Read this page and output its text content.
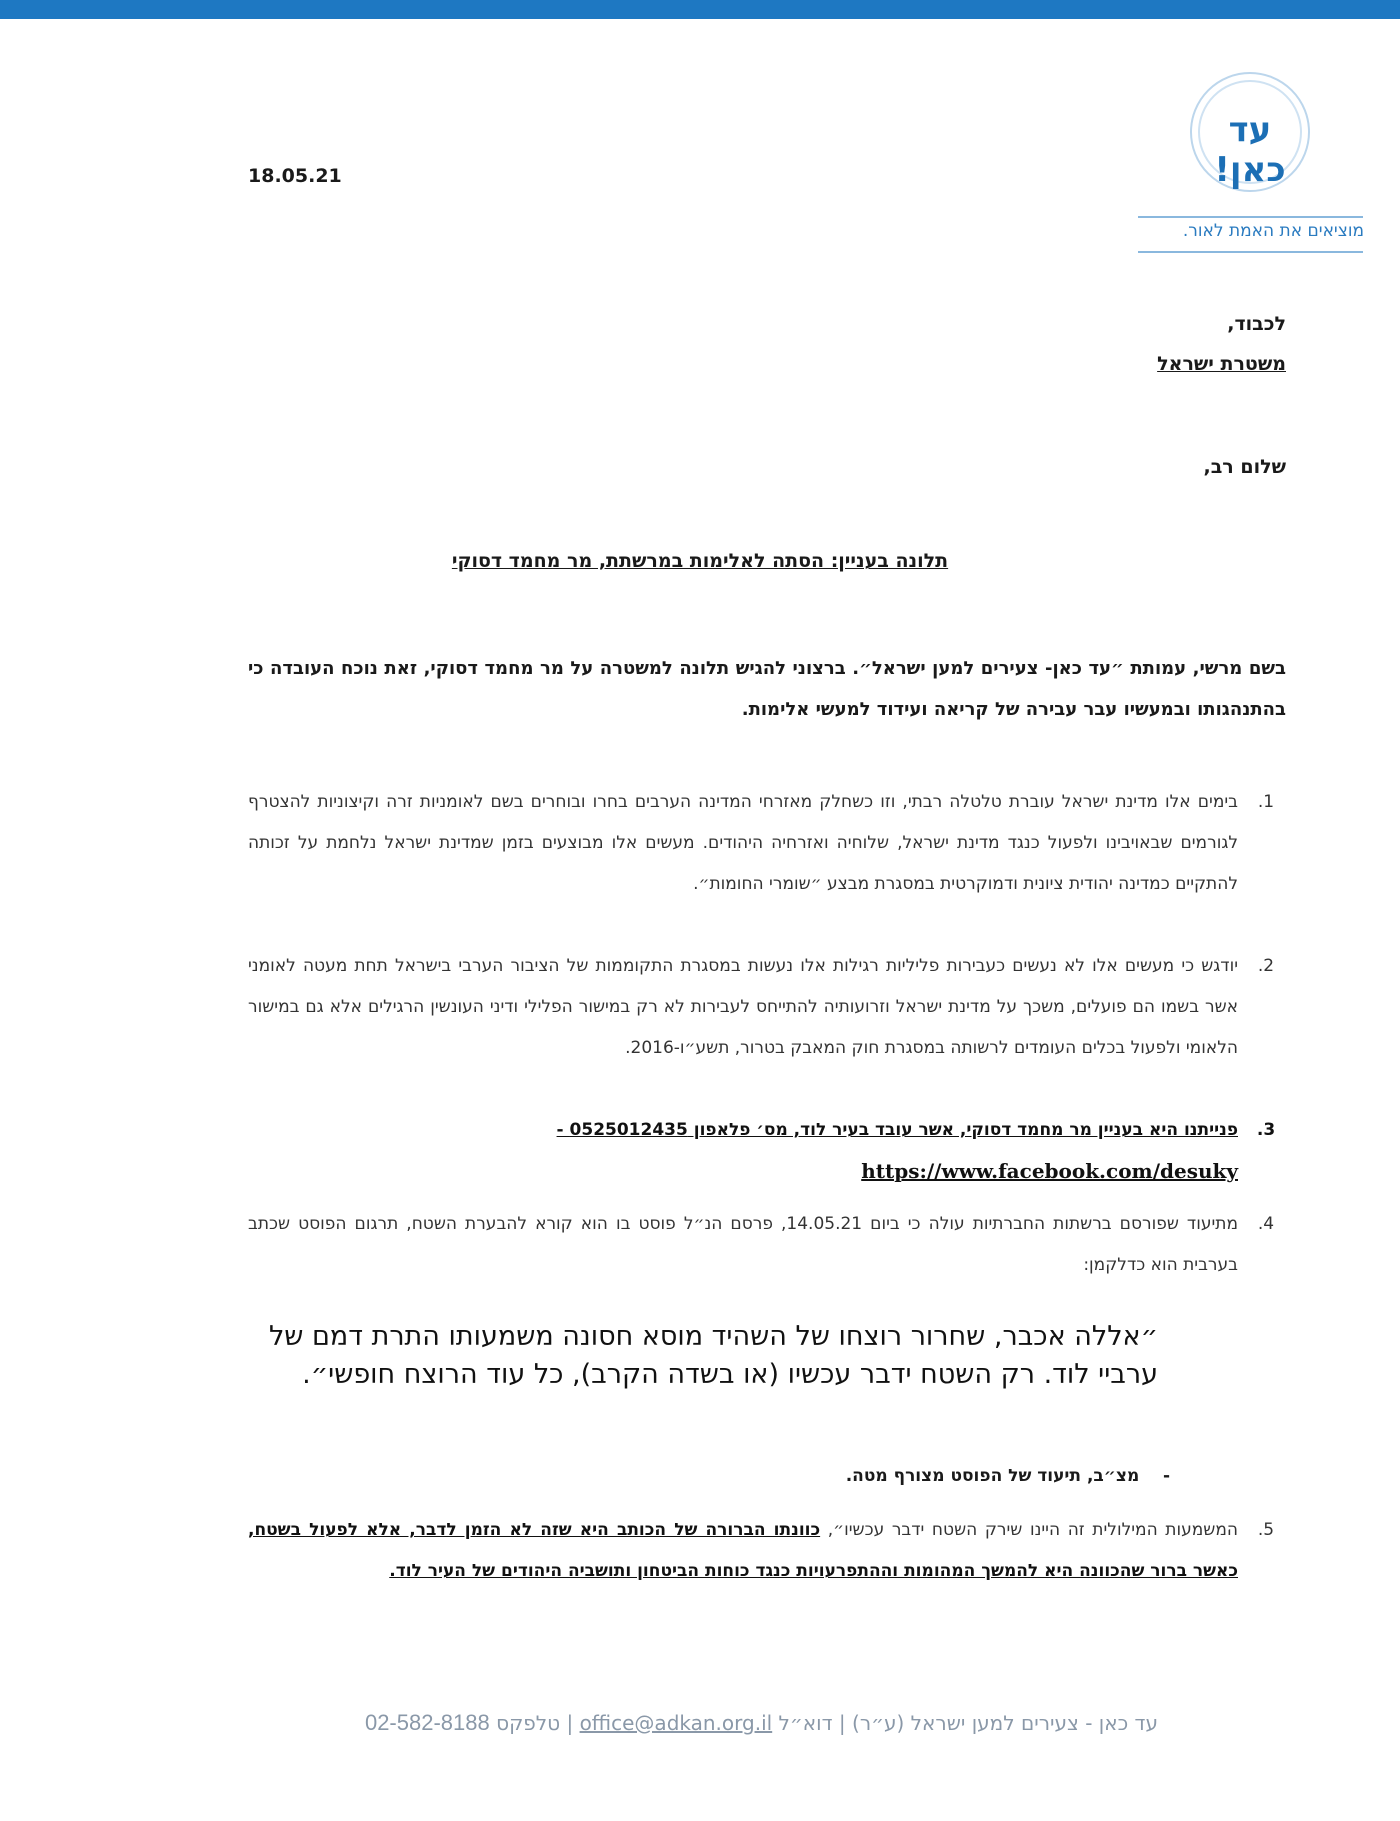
18.05.21
עד כאן!
מוציאים את האמת לאור.
לכבוד,
משטרת ישראל
שלום רב,
תלונה בעניין: הסתה לאלימות במרשתת, מר מחמד דסוקי
בשם מרשי, עמותת ״עד כאן- צעירים למען ישראל״. ברצוני להגיש תלונה למשטרה על מר מחמד דסוקי, זאת נוכח העובדה כי בהתנהגותו ובמעשיו עבר עבירה של קריאה ועידוד למעשי אלימות.
1.
בימים אלו מדינת ישראל עוברת טלטלה רבתי, וזו כשחלק מאזרחי המדינה הערבים בחרו ובוחרים בשם לאומניות זרה וקיצוניות להצטרף לגורמים שבאויבינו ולפעול כנגד מדינת ישראל, שלוחיה ואזרחיה היהודים. מעשים אלו מבוצעים בזמן שמדינת ישראל נלחמת על זכותה להתקיים כמדינה יהודית ציונית ודמוקרטית במסגרת מבצע ״שומרי החומות״.
2.
יודגש כי מעשים אלו לא נעשים כעבירות פליליות רגילות אלו נעשות במסגרת התקוממות של הציבור הערבי בישראל תחת מעטה לאומני אשר בשמו הם פועלים, משכך על מדינת ישראל וזרועותיה להתייחס לעבירות לא רק במישור הפלילי ודיני העונשין הרגילים אלא גם במישור הלאומי ולפעול בכלים העומדים לרשותה במסגרת חוק המאבק בטרור, תשע״ו-2016.
3.
פנייתנו היא בעניין מר מחמד דסוקי, אשר עובד בעיר לוד, מס׳ פלאפון 0525012435 -
https://www.facebook.com/desuky
4.
מתיעוד שפורסם ברשתות החברתיות עולה כי ביום 14.05.21, פרסם הנ״ל פוסט בו הוא קורא להבערת השטח, תרגום הפוסט שכתב בערבית הוא כדלקמן:
״אללה אכבר, שחרור רוצחו של השהיד מוסא חסונה משמעותו התרת דמם של ערביי לוד. רק השטח ידבר עכשיו (או בשדה הקרב), כל עוד הרוצח חופשי״.
-    מצ״ב, תיעוד של הפוסט מצורף מטה.
5.
המשמעות המילולית זה היינו שירק השטח ידבר עכשיו״, כוונתו הברורה של הכותב היא שזה לא הזמן לדבר, אלא לפעול בשטח, כאשר ברור שהכוונה היא להמשך המהומות וההתפרעויות כנגד כוחות הביטחון ותושביה היהודים של העיר לוד.
עד כאן - צעירים למען ישראל (ע״ר) | דוא״ל office@adkan.org.il | טלפקס 02-582-8188
